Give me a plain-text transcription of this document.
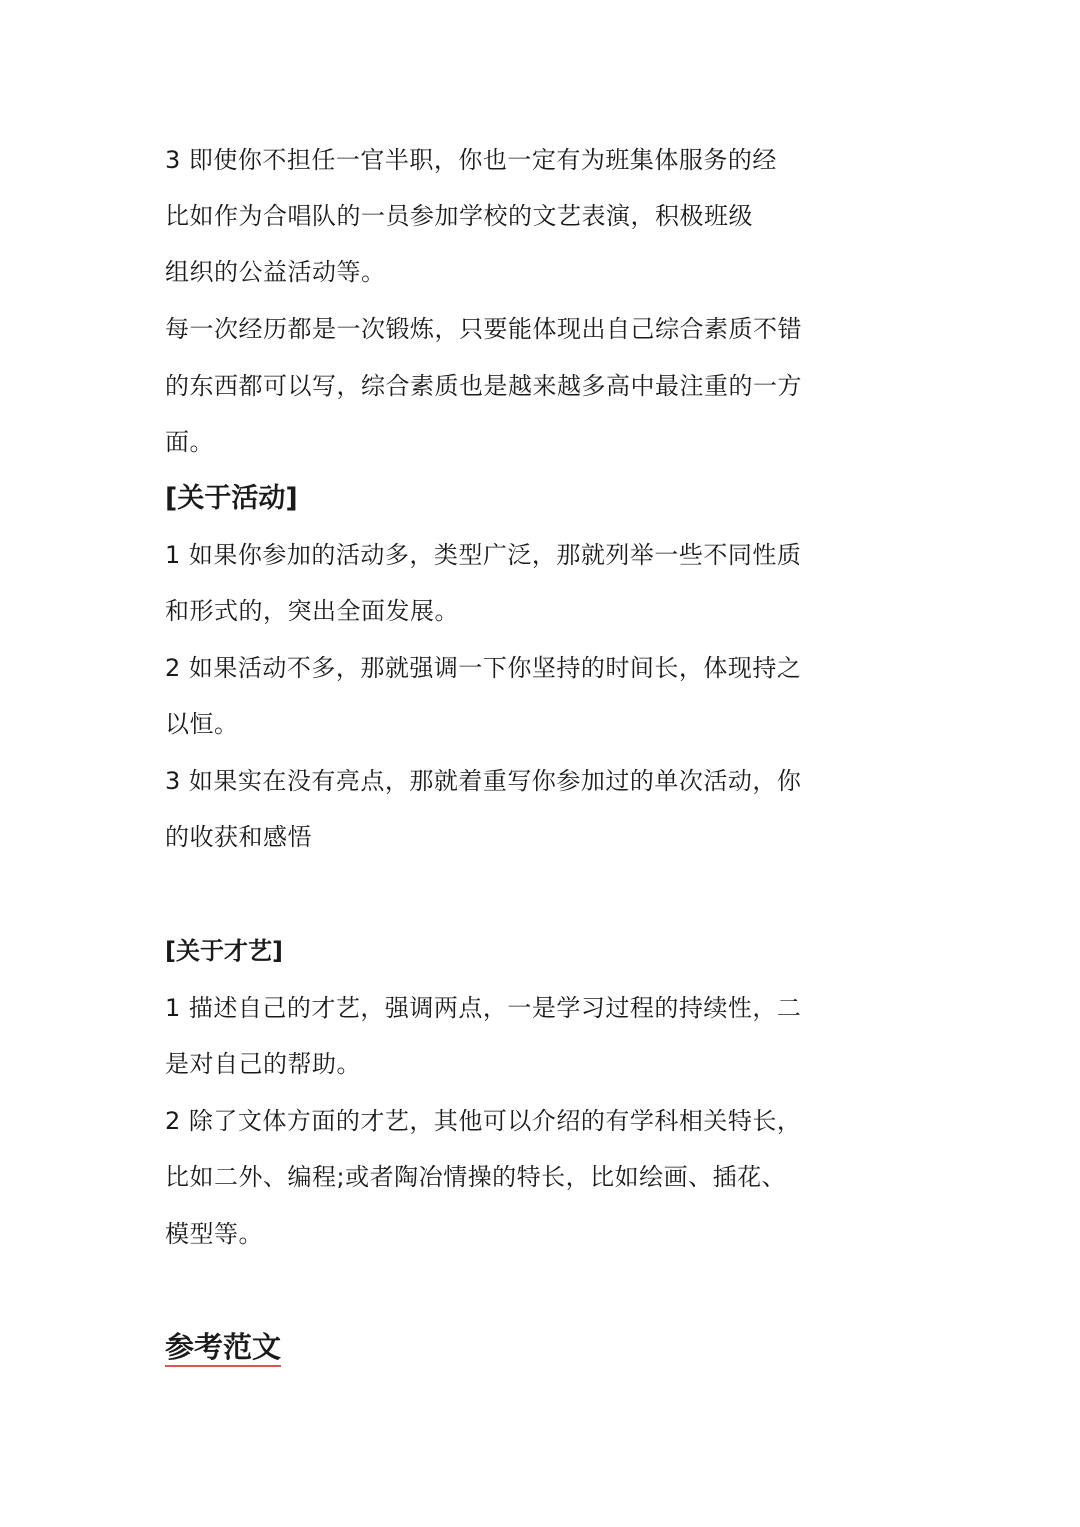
3 即使你不担任一官半职，你也一定有为班集体服务的经
比如作为合唱队的一员参加学校的文艺表演，积极班级
组织的公益活动等。
每一次经历都是一次锻炼，只要能体现出自己综合素质不错
的东西都可以写，综合素质也是越来越多高中最注重的一方
面。
[关于活动]
1 如果你参加的活动多，类型广泛，那就列举一些不同性质
和形式的，突出全面发展。
2 如果活动不多，那就强调一下你坚持的时间长，体现持之
以恒。
3 如果实在没有亮点，那就着重写你参加过的单次活动，你
的收获和感悟
[关于才艺]
1 描述自己的才艺，强调两点，一是学习过程的持续性，二
是对自己的帮助。
2 除了文体方面的才艺，其他可以介绍的有学科相关特长，
比如二外、编程;或者陶冶情操的特长，比如绘画、插花、
模型等。
参考范文
